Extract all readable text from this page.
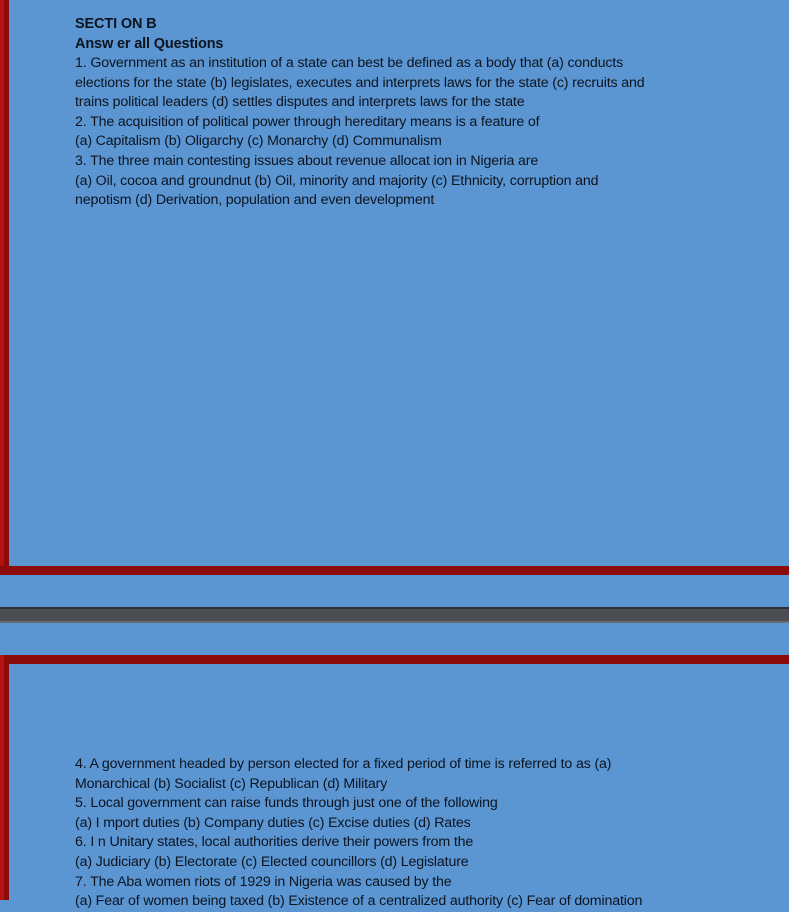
SECTI ON B
Answ er all Questions
1. Government as an institution of a state can best be defined as a body that (a) conducts
elections for the state (b) legislates, executes and interprets laws for the state (c) recruits and
trains political leaders (d) settles disputes and interprets laws for the state
2. The acquisition of political power through hereditary means is a feature of
(a) Capitalism (b) Oligarchy (c) Monarchy (d) Communalism
3. The three main contesting issues about revenue allocat ion in Nigeria are
(a) Oil, cocoa and groundnut (b) Oil, minority and majority (c) Ethnicity, corruption and
nepotism (d) Derivation, population and even development
4. A government headed by person elected for a fixed period of time is referred to as (a)
Monarchical (b) Socialist (c) Republican (d) Military
5. Local government can raise funds through just one of the following
(a) I mport duties (b) Company duties (c) Excise duties (d) Rates
6. I n Unitary states, local authorities derive their powers from the
(a) Judiciary (b) Electorate (c) Elected councillors (d) Legislature
7. The Aba women riots of 1929 in Nigeria was caused by the
(a) Fear of women being taxed (b) Existence of a centralized authority (c) Fear of domination
